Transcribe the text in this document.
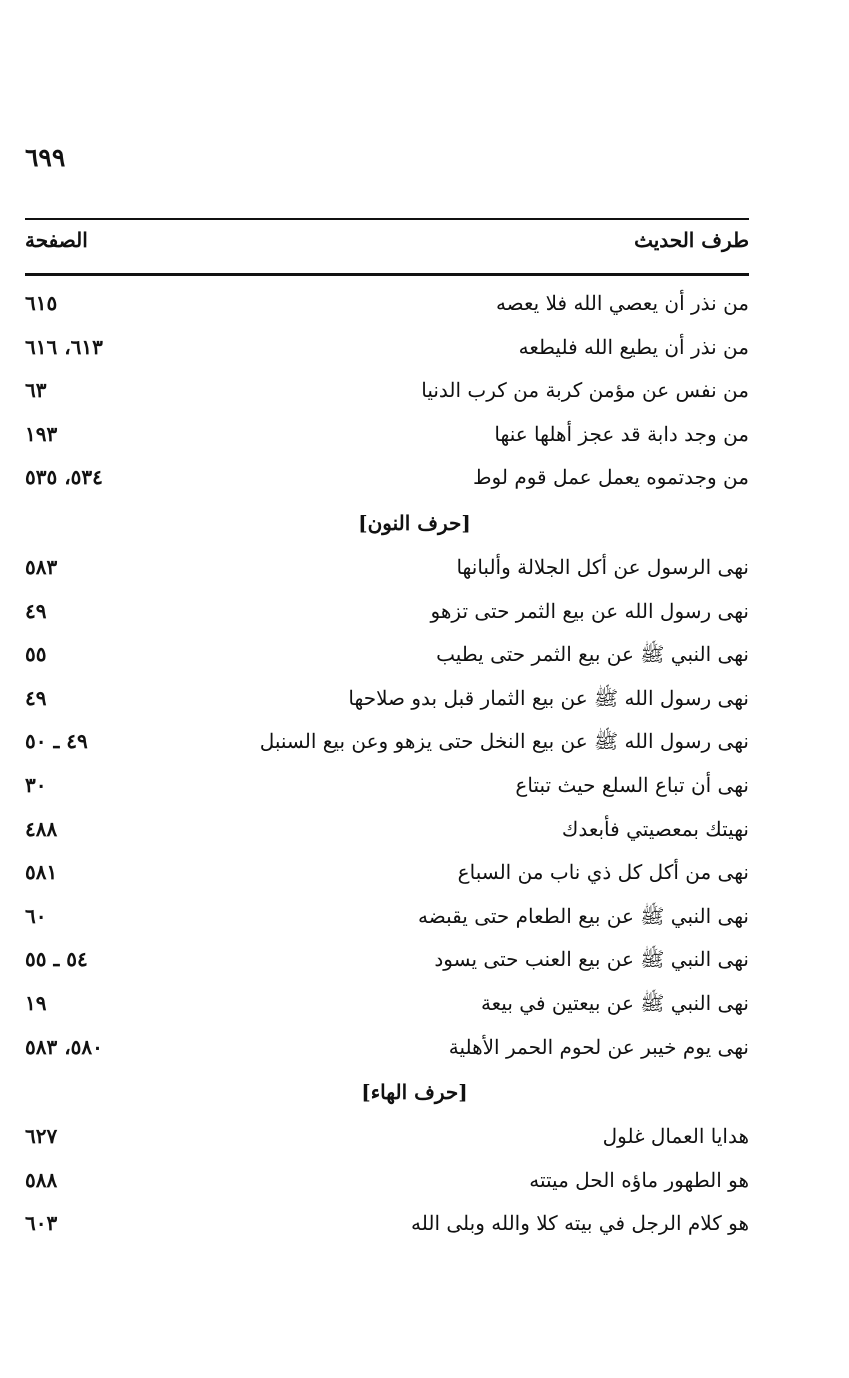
٦٩٩
الصفحة	طرف الحديث
من نذر أن يعصي الله فلا يعصه
٦١٥
من نذر أن يطيع الله فليطعه
٦١٣، ٦١٦
من نفس عن مؤمن كربة من كرب الدنيا
٦٣
من وجد دابة قد عجز أهلها عنها
١٩٣
من وجدتموه يعمل عمل قوم لوط
٥٣٤، ٥٣٥
[حرف النون]
نهى الرسول عن أكل الجلالة وألبانها
٥٨٣
نهى رسول الله عن بيع الثمر حتى تزهو
٤٩
نهى النبي ﷺ عن بيع الثمر حتى يطيب
٥٥
نهى رسول الله ﷺ عن بيع الثمار قبل بدو صلاحها
٤٩
نهى رسول الله ﷺ عن بيع النخل حتى يزهو وعن بيع السنبل
٤٩ ـ ٥٠
نهى أن تباع السلع حيث تبتاع
٣٠
نهيتك بمعصيتي فأبعدك
٤٨٨
نهى من أكل كل ذي ناب من السباع
٥٨١
نهى النبي ﷺ عن بيع الطعام حتى يقبضه
٦٠
نهى النبي ﷺ عن بيع العنب حتى يسود
٥٤ ـ ٥٥
نهى النبي ﷺ عن بيعتين في بيعة
١٩
نهى يوم خيبر عن لحوم الحمر الأهلية
٥٨٠، ٥٨٣
[حرف الهاء]
هدايا العمال غلول
٦٢٧
هو الطهور ماؤه الحل ميتته
٥٨٨
هو كلام الرجل في بيته كلا والله وبلى الله
٦٠٣
